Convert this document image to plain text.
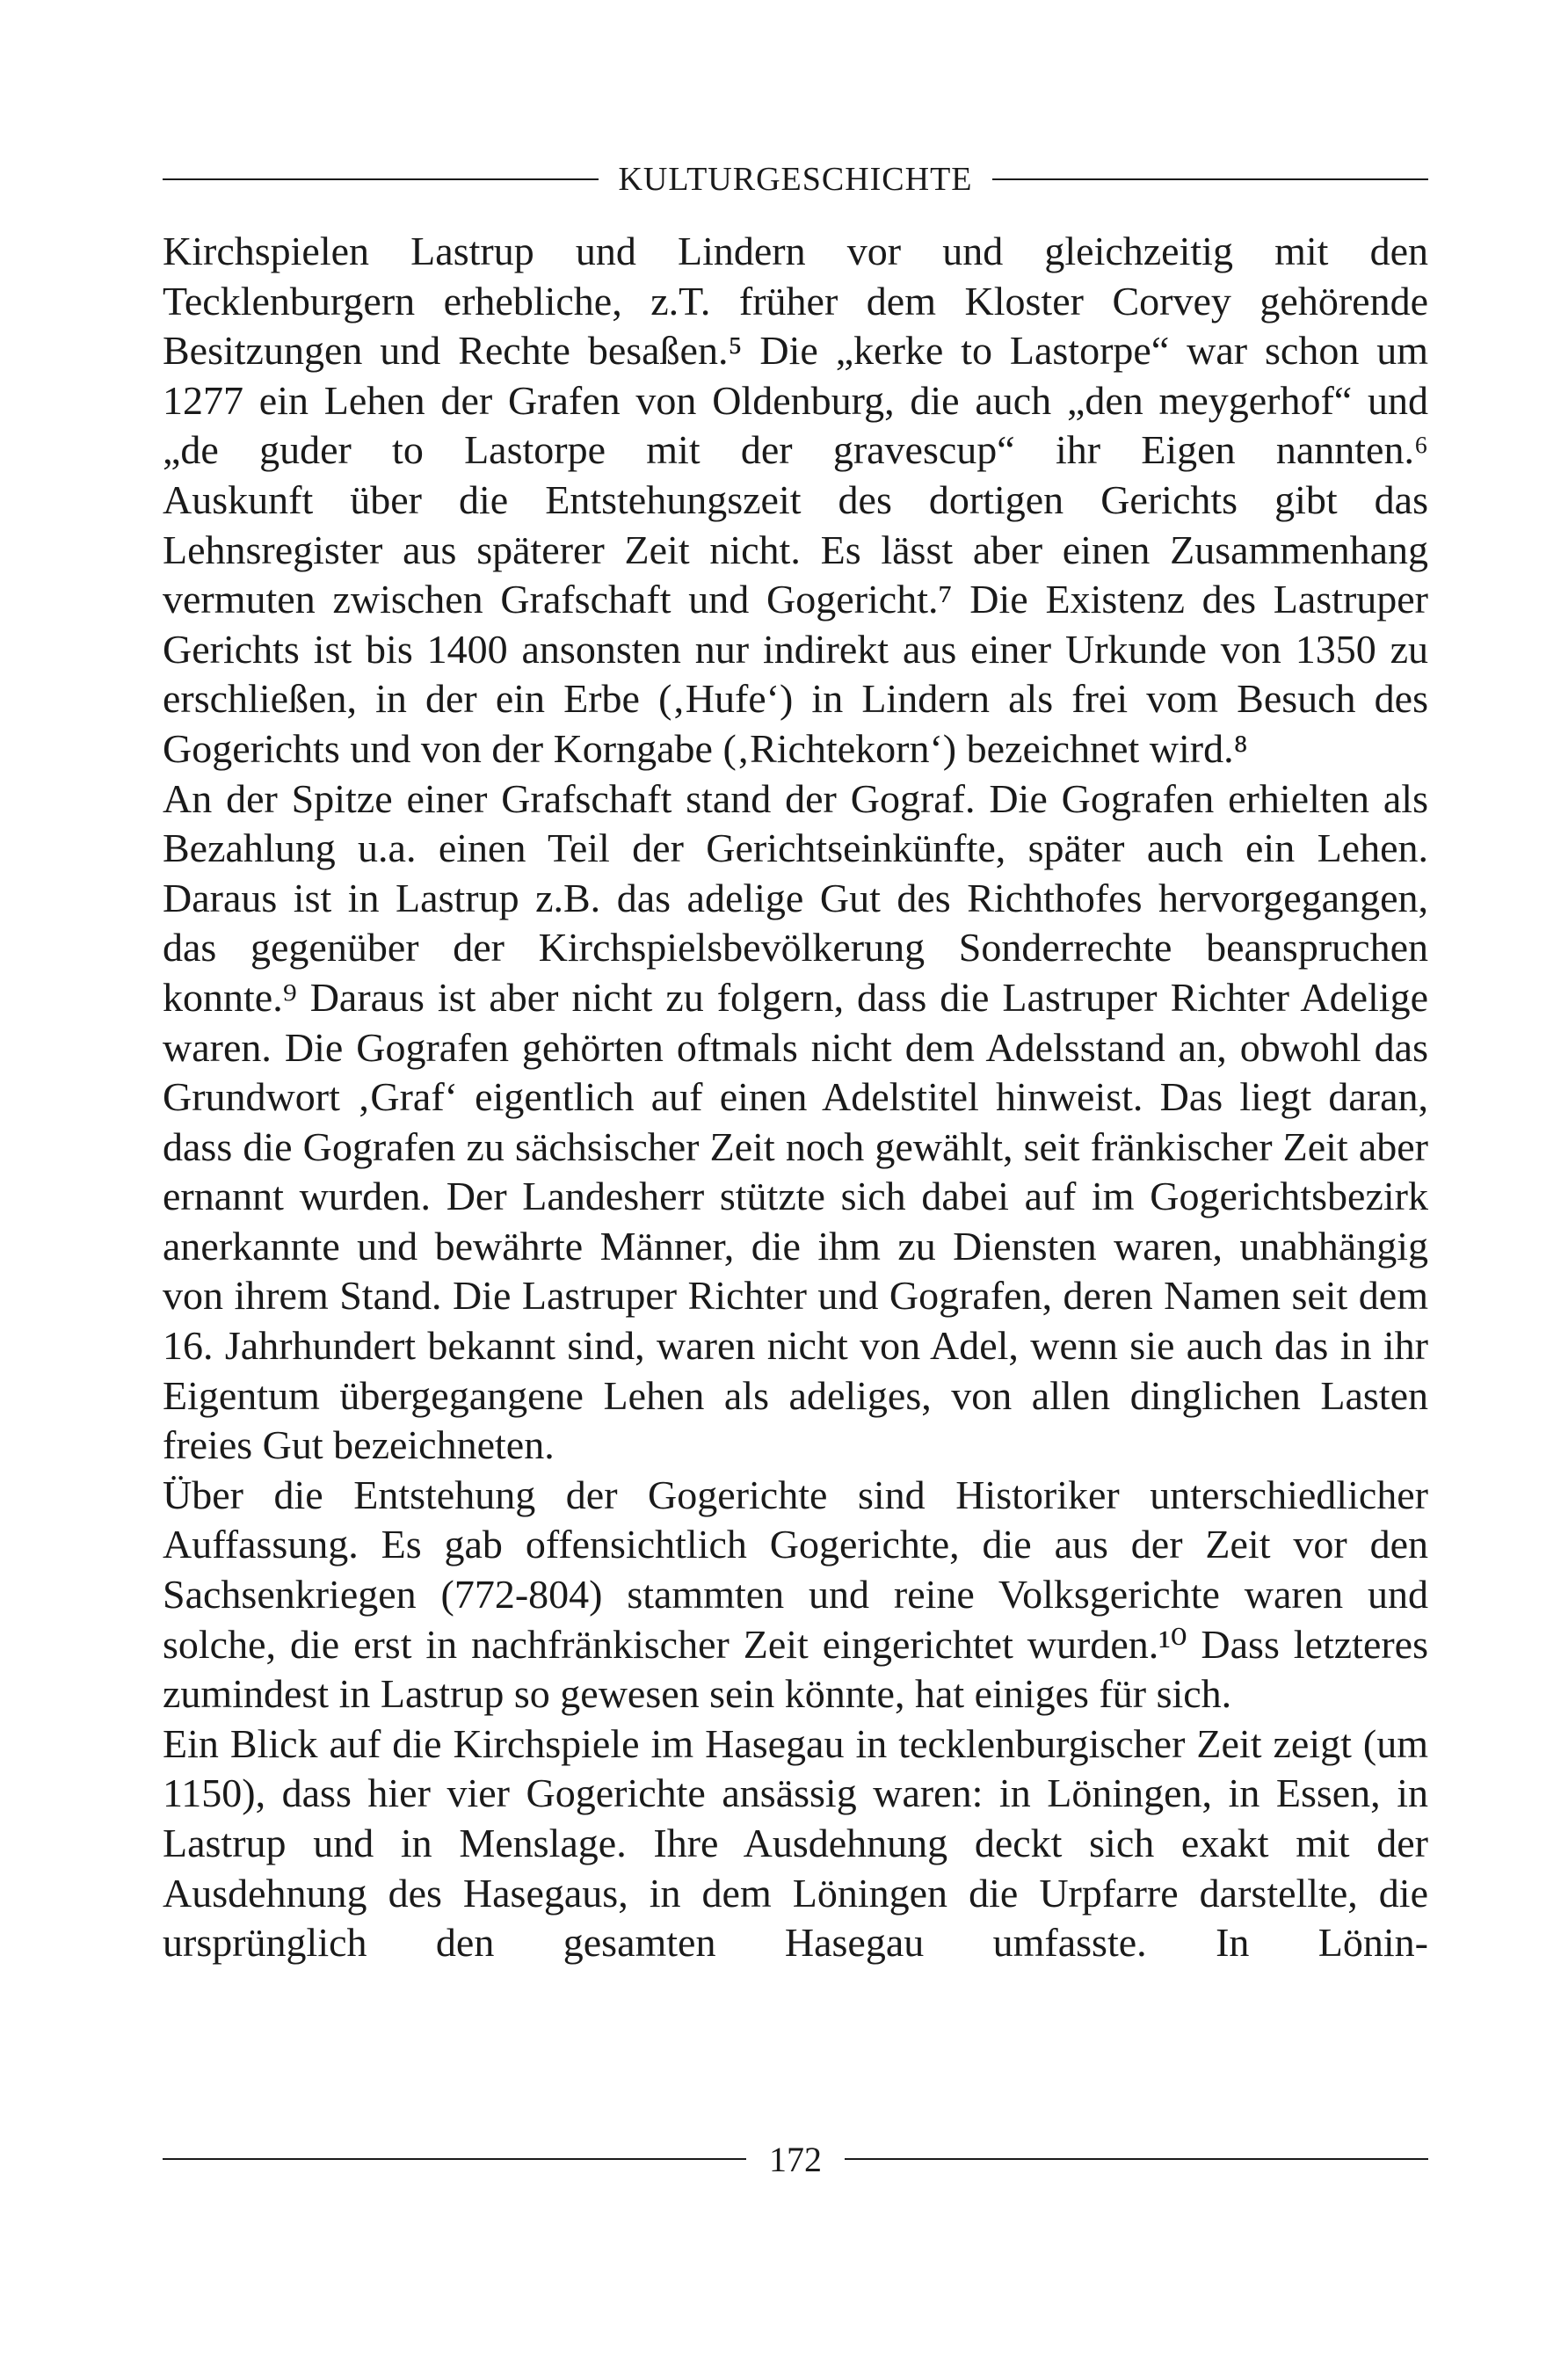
KULTURGESCHICHTE

Kirchspielen Lastrup und Lindern vor und gleichzeitig mit den Tecklenburgern erhebliche, z.T. früher dem Kloster Corvey gehörende Besitzungen und Rechte besaßen.⁵ Die „kerke to Lastorpe“ war schon um 1277 ein Lehen der Grafen von Oldenburg, die auch „den meygerhof“ und „de guder to Lastorpe mit der gravescup“ ihr Eigen nannten.⁶

Auskunft über die Entstehungszeit des dortigen Gerichts gibt das Lehnsregister aus späterer Zeit nicht. Es lässt aber einen Zusammenhang vermuten zwischen Grafschaft und Gogericht.⁷ Die Existenz des Lastruper Gerichts ist bis 1400 ansonsten nur indirekt aus einer Urkunde von 1350 zu erschließen, in der ein Erbe (‚Hufe‘) in Lindern als frei vom Besuch des Gogerichts und von der Korngabe (‚Richtekorn‘) bezeichnet wird.⁸

An der Spitze einer Grafschaft stand der Gograf. Die Gografen erhielten als Bezahlung u.a. einen Teil der Gerichtseinkünfte, später auch ein Lehen. Daraus ist in Lastrup z.B. das adelige Gut des Richthofes hervorgegangen, das gegenüber der Kirchspielsbevölkerung Sonderrechte beanspruchen konnte.⁹ Daraus ist aber nicht zu folgern, dass die Lastruper Richter Adelige waren. Die Gografen gehörten oftmals nicht dem Adelsstand an, obwohl das Grundwort ‚Graf‘ eigentlich auf einen Adelstitel hinweist. Das liegt daran, dass die Gografen zu sächsischer Zeit noch gewählt, seit fränkischer Zeit aber ernannt wurden. Der Landesherr stützte sich dabei auf im Gogerichtsbezirk anerkannte und bewährte Männer, die ihm zu Diensten waren, unabhängig von ihrem Stand. Die Lastruper Richter und Gografen, deren Namen seit dem 16. Jahrhundert bekannt sind, waren nicht von Adel, wenn sie auch das in ihr Eigentum übergegangene Lehen als adeliges, von allen dinglichen Lasten freies Gut bezeichneten.

Über die Entstehung der Gogerichte sind Historiker unterschiedlicher Auffassung. Es gab offensichtlich Gogerichte, die aus der Zeit vor den Sachsenkriegen (772-804) stammten und reine Volksgerichte waren und solche, die erst in nachfränkischer Zeit eingerichtet wurden.¹⁰ Dass letzteres zumindest in Lastrup so gewesen sein könnte, hat einiges für sich.

Ein Blick auf die Kirchspiele im Hasegau in tecklenburgischer Zeit zeigt (um 1150), dass hier vier Gogerichte ansässig waren: in Löningen, in Essen, in Lastrup und in Menslage. Ihre Ausdehnung deckt sich exakt mit der Ausdehnung des Hasegaus, in dem Löningen die Urpfarre darstellte, die ursprünglich den gesamten Hasegau umfasste. In Lönin-

172
